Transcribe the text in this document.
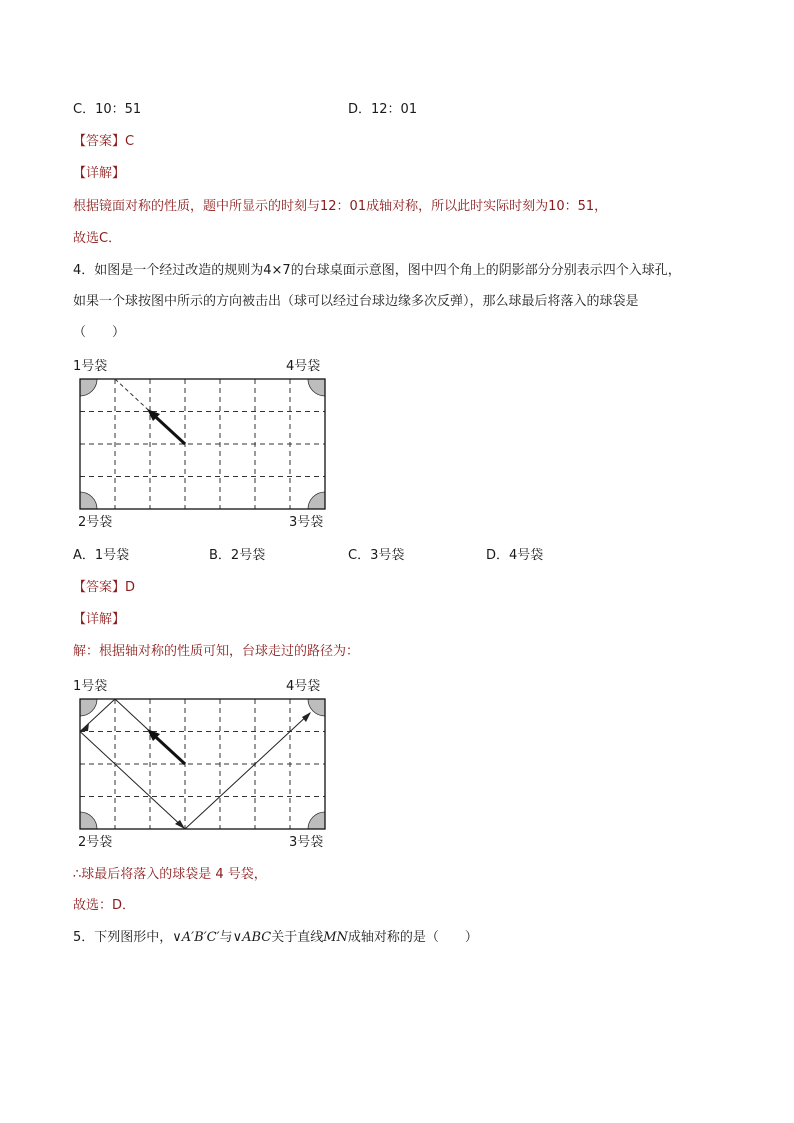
C．10：51	D．12：01
【答案】C
【详解】
根据镜面对称的性质，题中所显示的时刻与12：01成轴对称，所以此时实际时刻为10：51，
故选C．
4．如图是一个经过改造的规则为4×7的台球桌面示意图，图中四个角上的阴影部分分别表示四个入球孔，
如果一个球按图中所示的方向被击出（球可以经过台球边缘多次反弹），那么球最后将落入的球袋是
（　　）
1号袋	4号袋
2号袋	3号袋
A．1号袋	B．2号袋	C．3号袋	D．4号袋
【答案】D
【详解】
解：根据轴对称的性质可知，台球走过的路径为：
1号袋	4号袋
2号袋	3号袋
∴球最后将落入的球袋是 4 号袋，
故选：D．
5．下列图形中，∨A′B′C′与∨ABC关于直线MN成轴对称的是（　　）
